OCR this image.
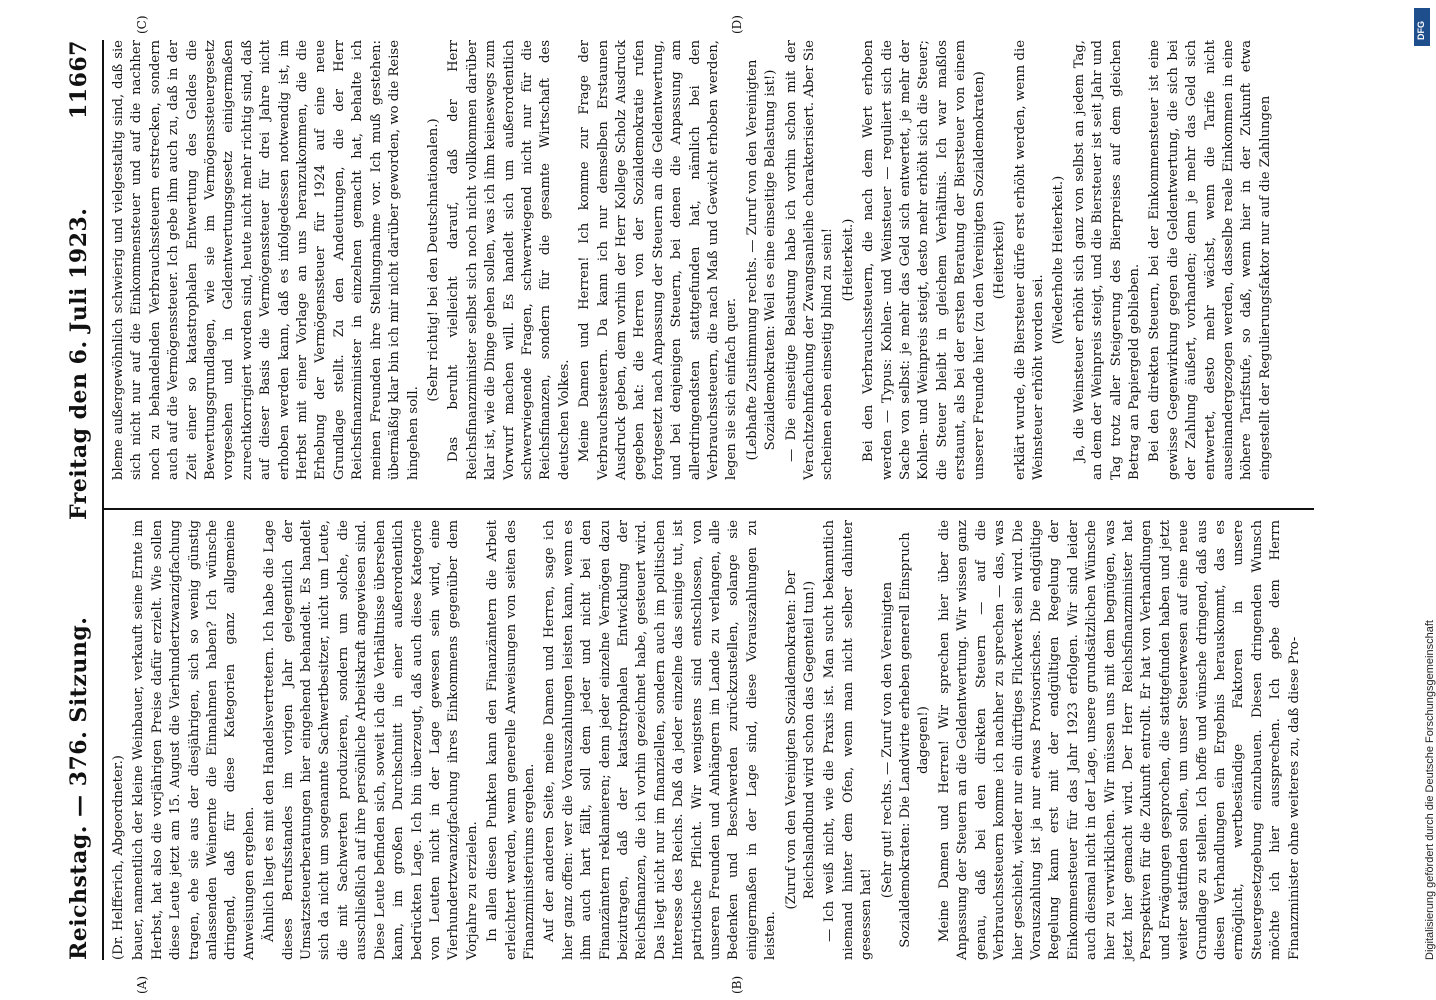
Reichstag. — 376. Sitzung.
Freitag den 6. Juli 1923.
11667
(A)	(B)
(C)	(D)

(Dr. Helfferich, Abgeordneter.) bauer, namentlich der kleine Weinbauer, verkauft seine Ernte im Herbst, hat also die vorjährigen Preise dafür erzielt. Wie sollen diese Leute jetzt am 15. August die Vierhundertzwanzigfachung tragen, ehe sie aus der diesjährigen, sich so wenig günstig anlassenden Weinernte die Einnahmen haben? Ich wünsche dringend, daß für diese Kategorien ganz allgemeine Anweisungen ergehen. Ähnlich liegt es mit den Handelsvertretern. Ich habe die Lage dieses Berufsstandes im vorigen Jahr gelegentlich der Umsatzsteuerberatungen hier eingehend behandelt. Es handelt sich da nicht um sogenannte Sachwertbesitzer, nicht um Leute, die mit Sachwerten produzieren, sondern um solche, die ausschließlich auf ihre persönliche Arbeitskraft angewiesen sind. Diese Leute befinden sich, soweit ich die Verhältnisse übersehen kann, im großen Durchschnitt in einer außerordentlich bedrückten Lage. Ich bin überzeugt, daß auch diese Kategorie von Leuten nicht in der Lage gewesen sein wird, eine Vierhundertzwanzigfachung ihres Einkommens gegenüber dem Vorjahre zu erzielen. In allen diesen Punkten kann den Finanzämtern die Arbeit erleichtert werden, wenn generelle Anweisungen von seiten des Finanzministeriums ergehen. Auf der anderen Seite, meine Damen und Herren, sage ich hier ganz offen: wer die Vorauszahlungen leisten kann, wenn es ihm auch hart fällt, soll dem jeder und nicht bei den Finanzämtern reklamieren; denn jeder einzelne Vermögen dazu beizutragen, daß der katastrophalen Entwicklung der Reichsfinanzen, die ich vorhin gezeichnet habe, gesteuert wird. Das liegt nicht nur im finanziellen, sondern auch im politischen Interesse des Reichs. Daß da jeder einzelne das seinige tut, ist patriotische Pflicht. Wir wenigstens sind entschlossen, von unseren Freunden und Anhängern im Lande zu verlangen, alle Bedenken und Beschwerden zurückzustellen, solange sie einigermaßen in der Lage sind, diese Vorauszahlungen zu leisten.

(Zuruf von den Vereinigten Sozialdemokraten: Der Reichslandbund wird schon das Gegenteil tun!) — Ich weiß nicht, wie die Praxis ist. Man sucht bekanntlich niemand hinter dem Ofen, wenn man nicht selber dahinter gesessen hat!

(Sehr gut! rechts. — Zuruf von den Vereinigten Sozialdemokraten: Die Landwirte erheben generell Einspruch dagegen!) Meine Damen und Herren! Wir sprechen hier über die Anpassung der Steuern an die Geldentwertung. Wir wissen ganz genau, daß bei den direkten Steuern — auf die Verbrauchssteuern komme ich nachher zu sprechen — das, was hier geschieht, wieder nur ein dürftiges Flickwerk sein wird. Die Vorauszahlung ist ja nur etwas Provisorisches. Die endgültige Regelung kann erst mit der endgültigen Regelung der Einkommensteuer für das Jahr 1923 erfolgen. Wir sind leider auch diesmal nicht in der Lage, unsere grundsätzlichen Wünsche hier zu verwirklichen. Wir müssen uns mit dem begnügen, was jetzt hier gemacht wird. Der Herr Reichsfinanzminister hat Perspektiven für die Zukunft entrollt. Er hat von Verhandlungen und Erwägungen gesprochen, die stattgefunden haben und jetzt weiter stattfinden sollen, um unser Steuerwesen auf eine neue Grundlage zu stellen. Ich hoffe und wünsche dringend, daß aus diesen Verhandlungen ein Ergebnis herauskommt, das es ermöglicht, wertbeständige Faktoren in unsere Steuergesetzgebung einzubauen. Diesen dringenden Wunsch möchte ich hier aussprechen. Ich gebe dem Herrn Finanzminister ohne weiteres zu, daß diese Pro-

bleme außergewöhnlich schwierig und vielgestaltig sind, daß sie sich nicht nur auf die Einkommensteuer und auf die nachher noch zu behandelnden Verbrauchssteuern erstrecken, sondern auch auf die Vermögenssteuer. Ich gebe ihm auch zu, daß in der Zeit einer so katastrophalen Entwertung des Geldes die Bewertungsgrundlagen, wie sie im Vermögenssteuergesetz vorgesehen und in Geldentwertungsgesetz einigermaßen zurechtkorrigiert worden sind, heute nicht mehr richtig sind, daß auf dieser Basis die Vermögenssteuer für drei Jahre nicht erhoben werden kann, daß es infolgedessen notwendig ist, im Herbst mit einer Vorlage an uns heranzukommen, die die Erhebung der Vermögenssteuer für 1924 auf eine neue Grundlage stellt. Zu den Andeutungen, die der Herr Reichsfinanzminister in einzelnen gemacht hat, behalte ich meinen Freunden ihre Stellungnahme vor. Ich muß gestehen: übermäßig klar bin ich mir nicht darüber geworden, wo die Reise hingehen soll.

(Sehr richtig! bei den Deutschnationalen.) Das beruht vielleicht darauf, daß der Herr Reichsfinanzminister selbst sich noch nicht vollkommen darüber klar ist, wie die Dinge gehen sollen, was ich ihm keineswegs zum Vorwurf machen will. Es handelt sich um außerordentlich schwerwiegende Fragen, schwerwiegend nicht nur für die Reichsfinanzen, sondern für die gesamte Wirtschaft des deutschen Volkes. Meine Damen und Herren! Ich komme zur Frage der Verbrauchssteuern. Da kann ich nur demselben Erstaunen Ausdruck geben, dem vorhin der Herr Kollege Scholz Ausdruck gegeben hat: die Herren von der Sozialdemokratie rufen fortgesetzt nach Anpassung der Steuern an die Geldentwertung, und bei denjenigen Steuern, bei denen die Anpassung am allerdringendsten stattgefunden hat, nämlich bei den Verbrauchssteuern, die nach Maß und Gewicht erhoben werden, legen sie sich einfach quer. (Lebhafte Zustimmung rechts. — Zuruf von den Vereinigten Sozialdemokraten: Weil es eine einseitige Belastung ist!) — Die einseitige Belastung habe ich vorhin schon mit der Verachtzehnfachung der Zwangsanleihe charakterisiert. Aber Sie scheinen eben einseitig blind zu sein! (Heiterkeit.) Bei den Verbrauchssteuern, die nach dem Wert erhoben werden — Typus: Kohlen- und Weinsteuer — reguliert sich die Sache von selbst: je mehr das Geld sich entwertet, je mehr der Kohlen- und Weinpreis steigt, desto mehr erhöht sich die Steuer; die Steuer bleibt in gleichem Verhältnis. Ich war maßlos erstaunt, als bei der ersten Beratung der Biersteuer von einem unserer Freunde hier (zu den Vereinigten Sozialdemokraten) (Heiterkeit) erklärt wurde, die Biersteuer dürfe erst erhöht werden, wenn die Weinsteuer erhöht worden sei.

(Wiederholte Heiterkeit.) Ja, die Weinsteuer erhöht sich ganz von selbst an jedem Tag, an dem der Weinpreis steigt, und die Biersteuer ist seit Jahr und Tag trotz aller Steigerung des Bierpreises auf dem gleichen Betrag an Papiergeld geblieben. Bei den direkten Steuern, bei der Einkommensteuer ist eine gewisse Gegenwirkung gegen die Geldentwertung, die sich bei der Zahlung äußert, vorhanden; denn je mehr das Geld sich entwertet, desto mehr wächst, wenn die Tarife nicht auseinandergezogen werden, dasselbe reale Einkommen in eine höhere Tarifstufe, so daß, wenn hier in der Zukunft etwa eingestellt der Regulierungsfaktor nur auf die Zahlungen

Digitalisierung gefördert durch die Deutsche Forschungsgemeinschaft
DFG
